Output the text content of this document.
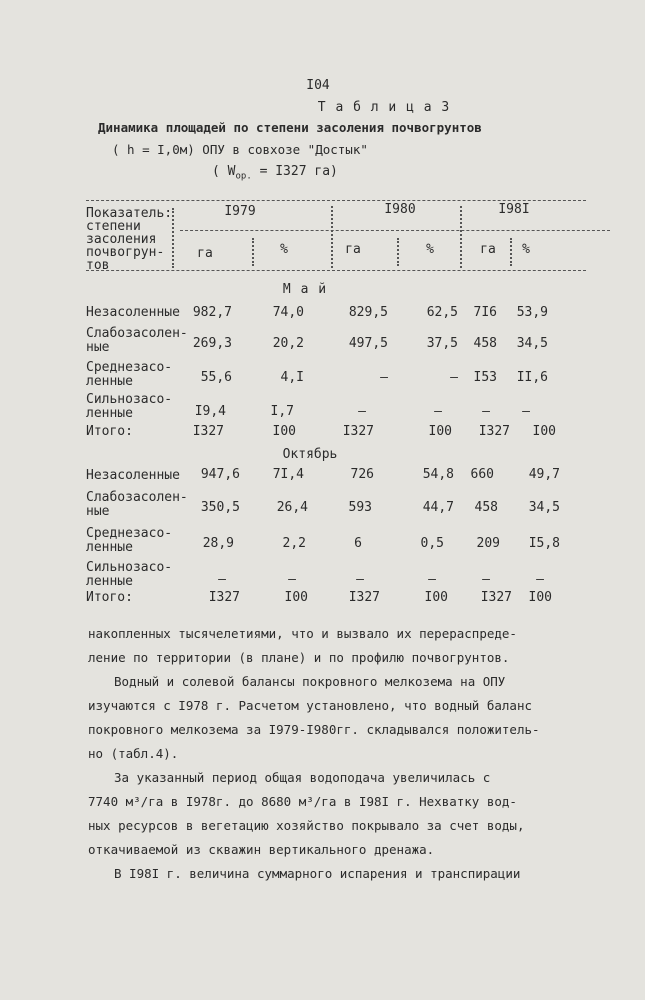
I04
Т а б л и ц а 3
Динамика площадей по степени засоления почвогрунтов
( h = I,0м) ОПУ в совхозе "Достык"
( $W_{ор.} = I327$ га)
Показатель:
степени
засоления
почвогрун-
тов
I979	I980	I98I
га	%	га	%	га %
М а й
Незасоленные 982,7	74,0	829,5	62,5 7I6 53,9
Слабозасолен-
ные	269,3	20,2	497,5	37,5 458 34,5
Среднезасо-
ленные	55,6	4,I	–	– I53 II,6
Сильнозасо-
ленные	I9,4	I,7	–	–	– –
Итого:	I327	I00	I327	I00 I327 I00
Октябрь
Незасоленные 947,6	7I,4	726	54,8 660	49,7
Слабозасолен-
ные	350,5	26,4	593	44,7 458 34,5
Среднезасо-
ленные	28,9	2,2	6	0,5	209 I5,8
Сильнозасо-
ленные	–	–	–	–	–	–
Итого:	I327	I00	I327	I00	I327 I00
накопленных тысячелетиями, что и вызвало их перераспреде-
ление по территории (в плане) и по профилю почвогрунтов.
Водный и солевой балансы покровного мелкозема на ОПУ
изучаются с I978 г. Расчетом установлено, что водный баланс
покровного мелкозема за I979-I980гг. складывался положитель-
но (табл.4).
За указанный период общая водоподача увеличилась с
7740 м³/га в I978г. до 8680 м³/га в I98I г. Нехватку вод-
ных ресурсов в вегетацию хозяйство покрывало за счет воды,
откачиваемой из скважин вертикального дренажа.
В I98I г. величина суммарного испарения и транспирации
